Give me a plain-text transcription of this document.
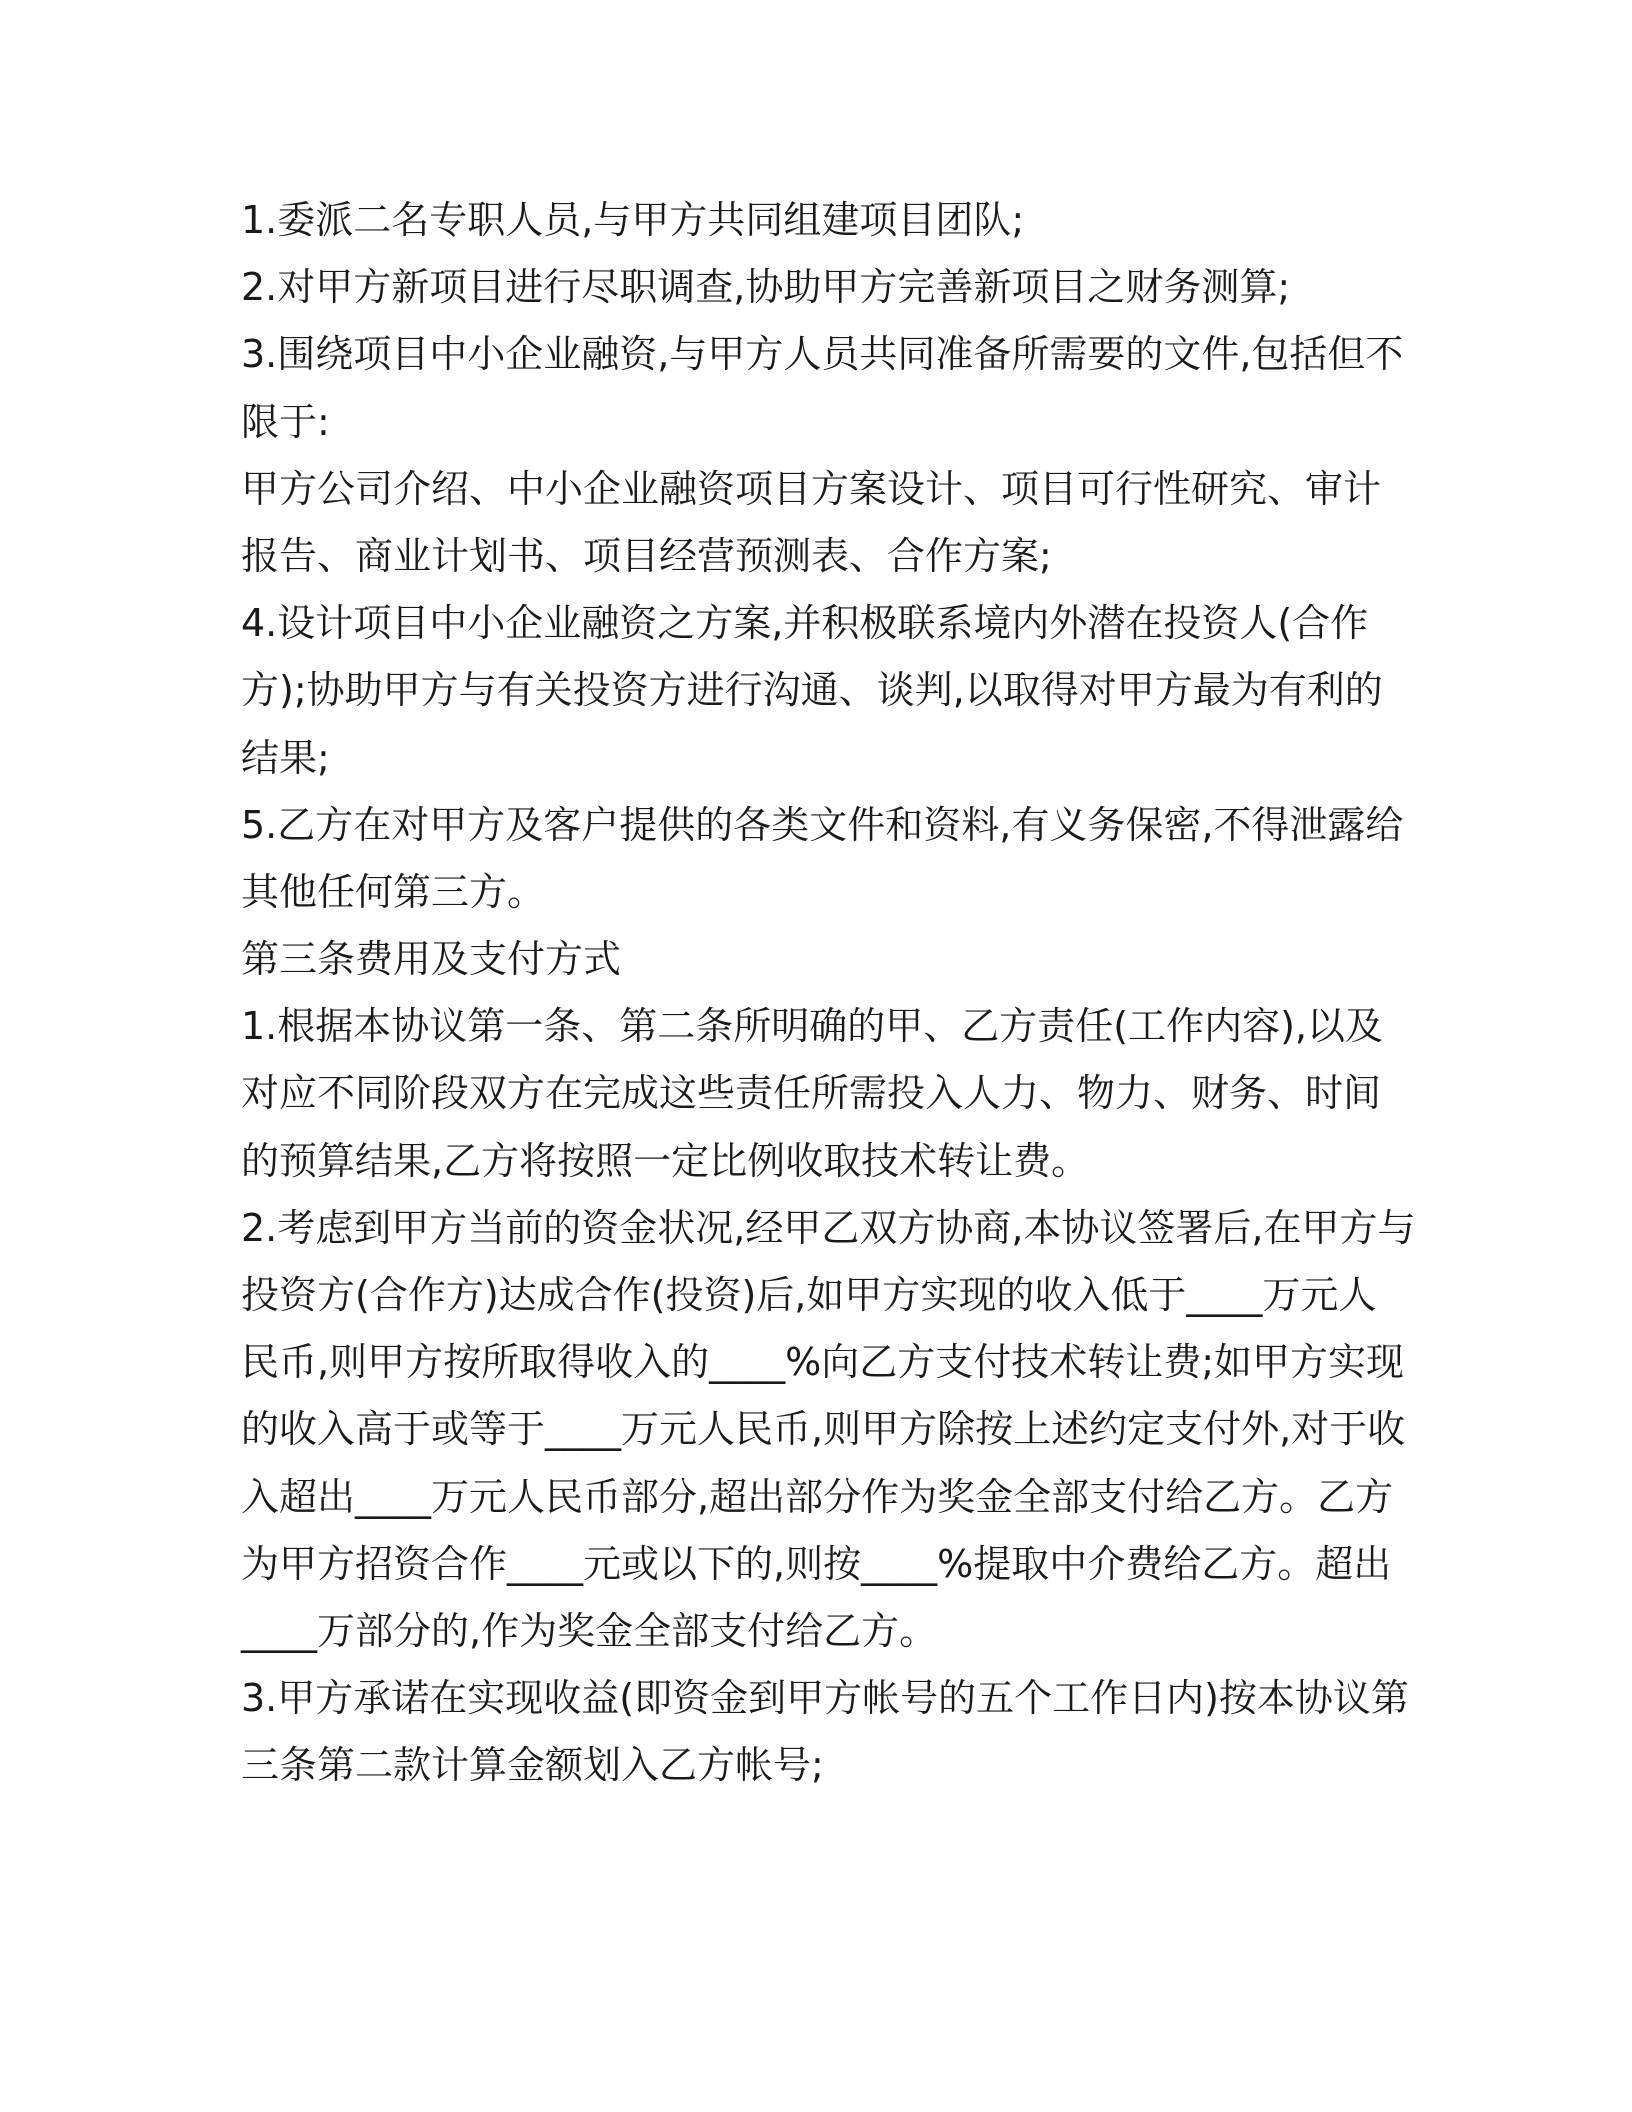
1.委派二名专职人员,与甲方共同组建项目团队;
2.对甲方新项目进行尽职调查,协助甲方完善新项目之财务测算;
3.围绕项目中小企业融资,与甲方人员共同准备所需要的文件,包括但不
限于:
甲方公司介绍、中小企业融资项目方案设计、项目可行性研究、审计
报告、商业计划书、项目经营预测表、合作方案;
4.设计项目中小企业融资之方案,并积极联系境内外潜在投资人(合作
方);协助甲方与有关投资方进行沟通、谈判,以取得对甲方最为有利的
结果;
5.乙方在对甲方及客户提供的各类文件和资料,有义务保密,不得泄露给
其他任何第三方。
第三条费用及支付方式
1.根据本协议第一条、第二条所明确的甲、乙方责任(工作内容),以及
对应不同阶段双方在完成这些责任所需投入人力、物力、财务、时间
的预算结果,乙方将按照一定比例收取技术转让费。
2.考虑到甲方当前的资金状况,经甲乙双方协商,本协议签署后,在甲方与
投资方(合作方)达成合作(投资)后,如甲方实现的收入低于____万元人
民币,则甲方按所取得收入的____%向乙方支付技术转让费;如甲方实现
的收入高于或等于____万元人民币,则甲方除按上述约定支付外,对于收
入超出____万元人民币部分,超出部分作为奖金全部支付给乙方。乙方
为甲方招资合作____元或以下的,则按____%提取中介费给乙方。超出
____万部分的,作为奖金全部支付给乙方。
3.甲方承诺在实现收益(即资金到甲方帐号的五个工作日内)按本协议第
三条第二款计算金额划入乙方帐号;
